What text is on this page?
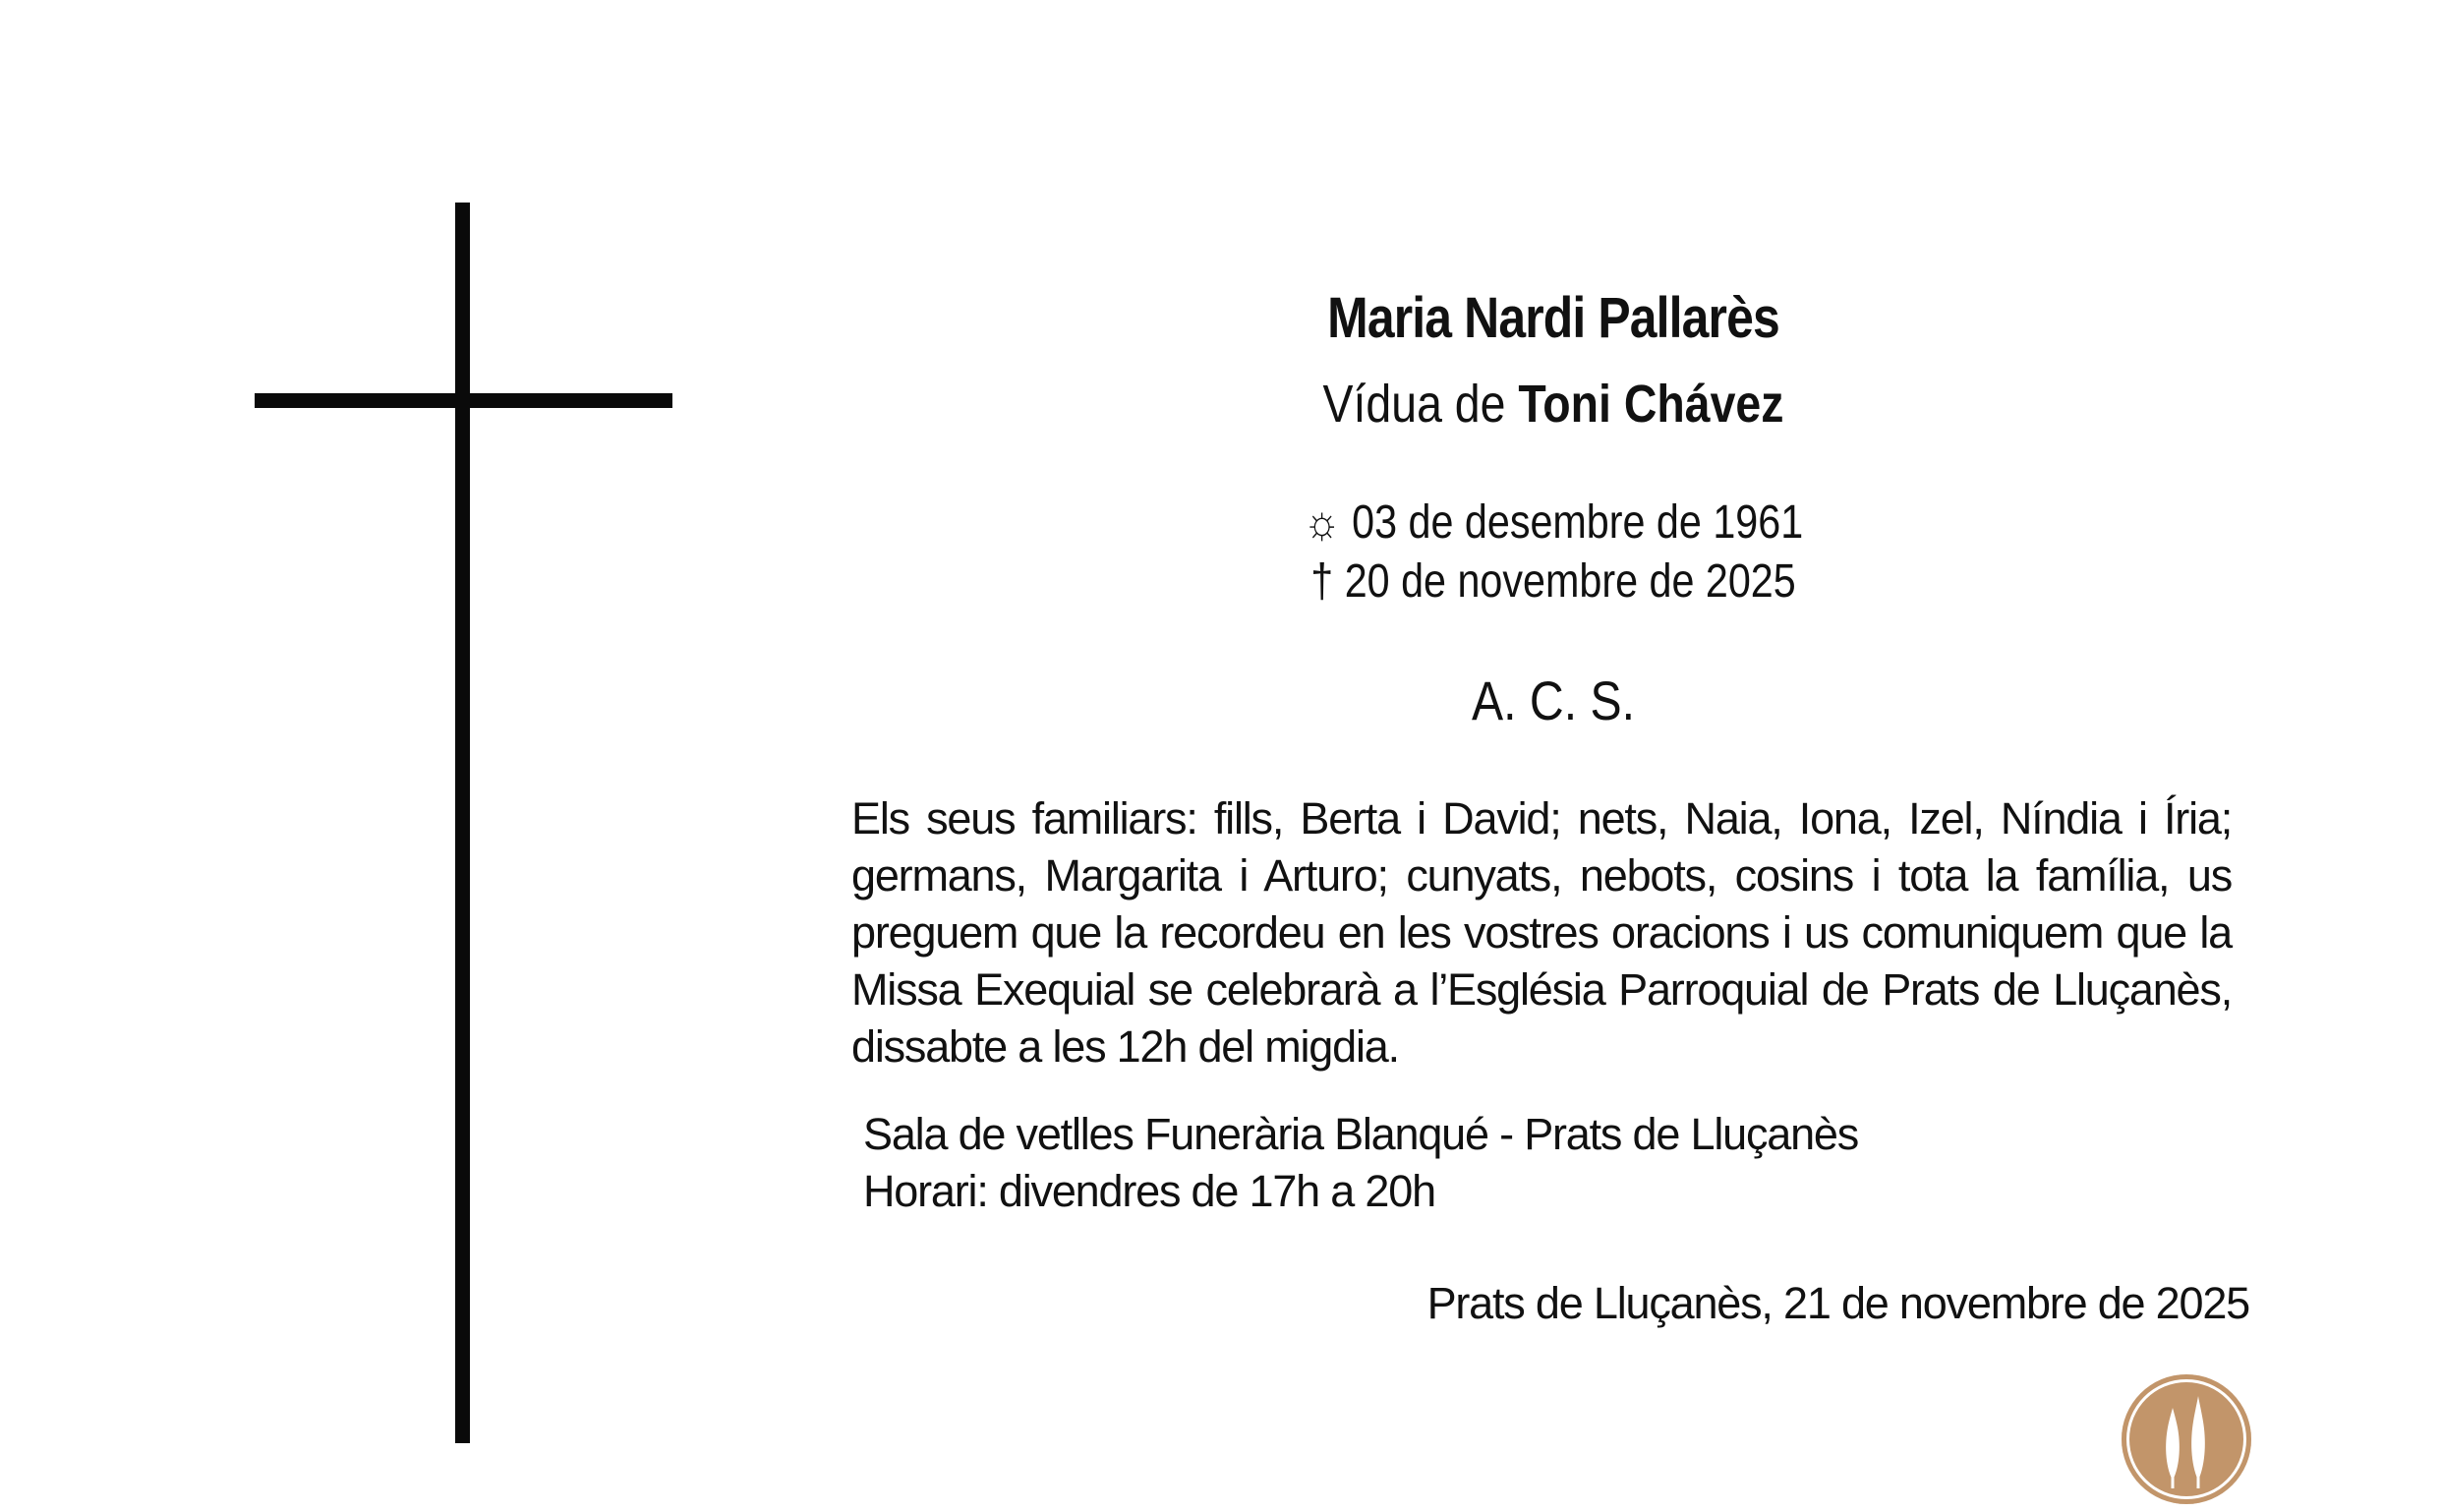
Maria Nardi Pallarès
Vídua de Toni Chávez
☼ 03 de desembre de 1961
† 20 de novembre de 2025
A. C. S.
Els seus familiars: fills, Berta i David; nets, Naia, Iona, Izel, Níndia i Íria; germans, Margarita i Arturo; cunyats, nebots, cosins i tota la família, us preguem que la recordeu en les vostres oracions i us comuniquem que la Missa Exequial se celebrarà a l’Església Parroquial de Prats de Lluçanès, dissabte a les 12h del migdia.
Sala de vetlles Funerària Blanqué - Prats de Lluçanès
Horari: divendres de 17h a 20h
Prats de Lluçanès, 21 de novembre de 2025
